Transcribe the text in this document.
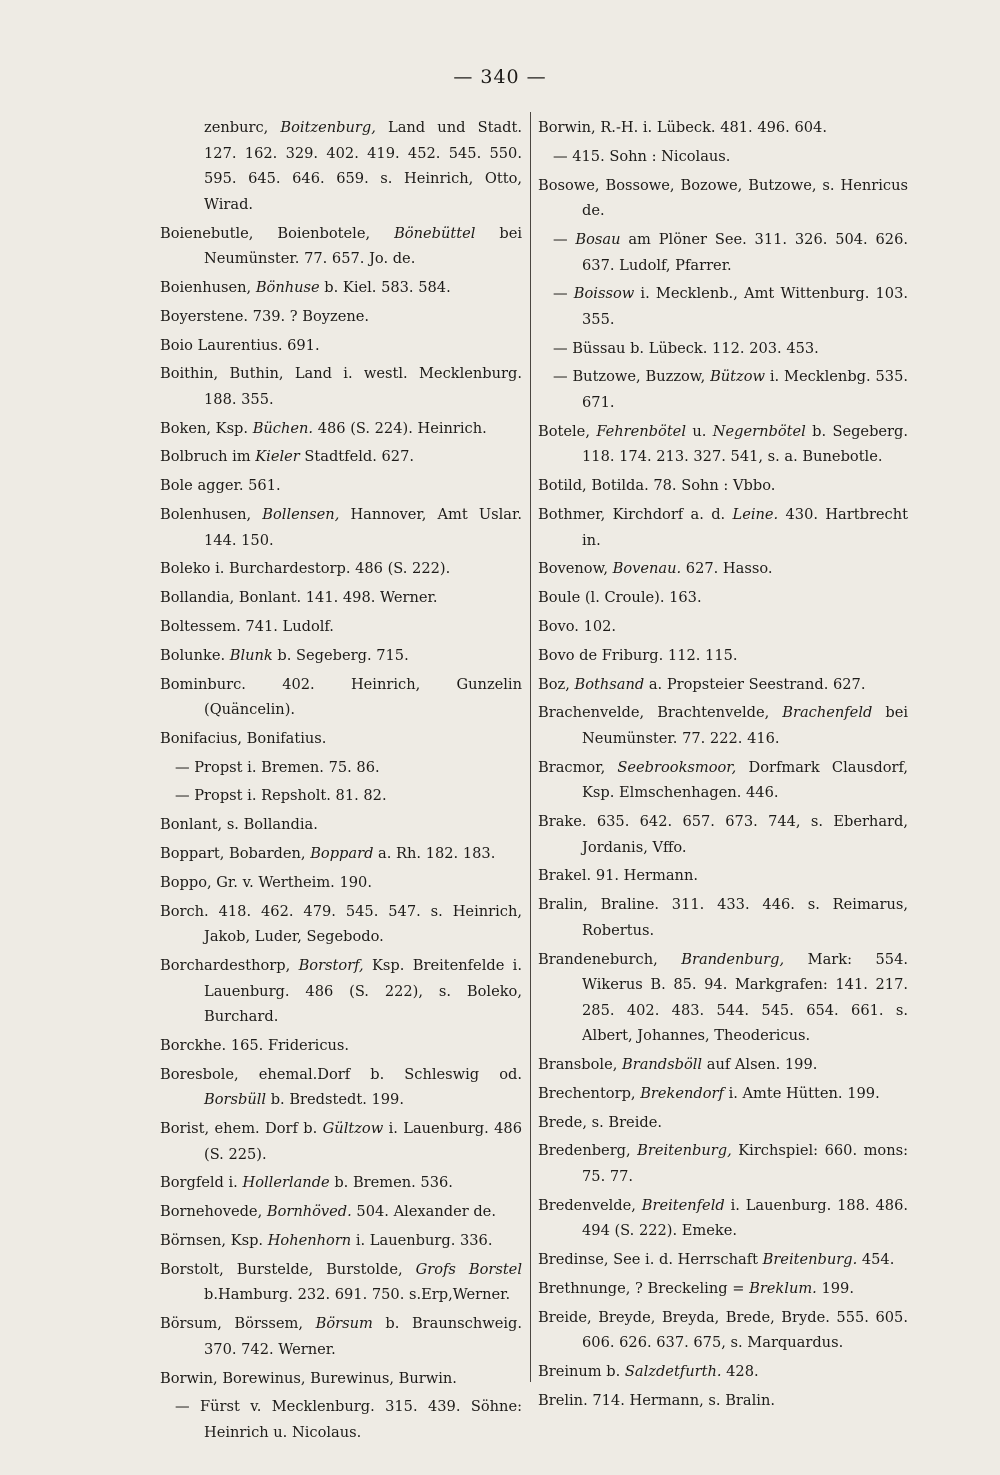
— 340 —
zenburc, Boitzenburg, Land und Stadt. 127. 162. 329. 402. 419. 452. 545. 550. 595. 645. 646. 659. s. Heinrich, Otto, Wirad.
Boienebutle, Boienbotele, Bönebüttel bei Neumünster. 77. 657. Jo. de.
Boienhusen, Bönhuse b. Kiel. 583. 584.
Boyerstene. 739. ? Boyzene.
Boio Laurentius. 691.
Boithin, Buthin, Land i. westl. Mecklenburg. 188. 355.
Boken, Ksp. Büchen. 486 (S. 224). Heinrich.
Bolbruch im Kieler Stadtfeld. 627.
Bole agger. 561.
Bolenhusen, Bollensen, Hannover, Amt Uslar. 144. 150.
Boleko i. Burchardestorp. 486 (S. 222).
Bollandia, Bonlant. 141. 498. Werner.
Boltessem. 741. Ludolf.
Bolunke. Blunk b. Segeberg. 715.
Bominburc. 402. Heinrich, Gunzelin (Quäncelin).
Bonifacius, Bonifatius.
— Propst i. Bremen. 75. 86.
— Propst i. Repsholt. 81. 82.
Bonlant, s. Bollandia.
Boppart, Bobarden, Boppard a. Rh. 182. 183.
Boppo, Gr. v. Wertheim. 190.
Borch. 418. 462. 479. 545. 547. s. Heinrich, Jakob, Luder, Segebodo.
Borchardesthorp, Borstorf, Ksp. Breitenfelde i. Lauenburg. 486 (S. 222), s. Boleko, Burchard.
Borckhe. 165. Fridericus.
Boresbole, ehemal.Dorf b. Schleswig od. Borsbüll b. Bredstedt. 199.
Borist, ehem. Dorf b. Gültzow i. Lauenburg. 486 (S. 225).
Borgfeld i. Hollerlande b. Bremen. 536.
Bornehovede, Bornhöved. 504. Alexander de.
Börnsen, Ksp. Hohenhorn i. Lauenburg. 336.
Borstolt, Burstelde, Burstolde, Grofs Borstel b.Hamburg. 232. 691. 750. s.Erp,Werner.
Börsum, Börssem, Börsum b. Braunschweig. 370. 742. Werner.
Borwin, Borewinus, Burewinus, Burwin.
— Fürst v. Mecklenburg. 315. 439. Söhne: Heinrich u. Nicolaus.
Borwin, R.-H. i. Lübeck. 481. 496. 604.
— 415. Sohn : Nicolaus.
Bosowe, Bossowe, Bozowe, Butzowe, s. Henricus de.
— Bosau am Plöner See. 311. 326. 504. 626. 637. Ludolf, Pfarrer.
— Boissow i. Mecklenb., Amt Wittenburg. 103. 355.
— Büssau b. Lübeck. 112. 203. 453.
— Butzowe, Buzzow, Bützow i. Mecklenbg. 535. 671.
Botele, Fehrenbötel u. Negernbötel b. Segeberg. 118. 174. 213. 327. 541, s. a. Bunebotle.
Botild, Botilda. 78. Sohn : Vbbo.
Bothmer, Kirchdorf a. d. Leine. 430. Hartbrecht in.
Bovenow, Bovenau. 627. Hasso.
Boule (l. Croule). 163.
Bovo. 102.
Bovo de Friburg. 112. 115.
Boz, Bothsand a. Propsteier Seestrand. 627.
Brachenvelde, Brachtenvelde, Brachenfeld bei Neumünster. 77. 222. 416.
Bracmor, Seebrooksmoor, Dorfmark Clausdorf, Ksp. Elmschenhagen. 446.
Brake. 635. 642. 657. 673. 744, s. Eberhard, Jordanis, Vffo.
Brakel. 91. Hermann.
Bralin, Braline. 311. 433. 446. s. Reimarus, Robertus.
Brandeneburch, Brandenburg, Mark: 554. Wikerus B. 85. 94. Markgrafen: 141. 217. 285. 402. 483. 544. 545. 654. 661. s. Albert, Johannes, Theodericus.
Bransbole, Brandsböll auf Alsen. 199.
Brechentorp, Brekendorf i. Amte Hütten. 199.
Brede, s. Breide.
Bredenberg, Breitenburg, Kirchspiel: 660. mons: 75. 77.
Bredenvelde, Breitenfeld i. Lauenburg. 188. 486. 494 (S. 222). Emeke.
Bredinse, See i. d. Herrschaft Breitenburg. 454.
Brethnunge, ? Breckeling = Breklum. 199.
Breide, Breyde, Breyda, Brede, Bryde. 555. 605. 606. 626. 637. 675, s. Marquardus.
Breinum b. Salzdetfurth. 428.
Brelin. 714. Hermann, s. Bralin.
